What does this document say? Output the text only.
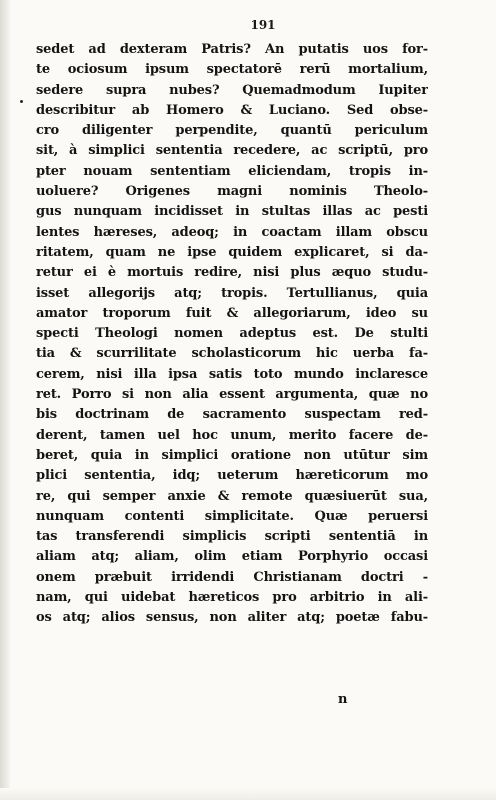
191
sedet ad dexteram Patris? An putatis uos for-
te ociosum ipsum spectatorē rerū mortalium,
sedere supra nubes? Quemadmodum Iupiter
describitur ab Homero & Luciano. Sed obse-
cro diligenter perpendite, quantū periculum
sit, à simplici sententia recedere, ac scriptū, pro
pter nouam sententiam eliciendam, tropis in-
uoluere? Origenes magni nominis Theolo-
gus nunquam incidisset in stultas illas ac pesti
lentes hæreses, adeoq; in coactam illam obscu
ritatem, quam ne ipse quidem explicaret, si da-
retur ei è mortuis redire, nisi plus æquo studu-
isset allegorijs atq; tropis. Tertullianus, quia
amator troporum fuit & allegoriarum, ideo su
specti Theologi nomen adeptus est. De stulti
tia & scurrilitate scholasticorum hic uerba fa-
cerem, nisi illa ipsa satis toto mundo inclaresce
ret. Porro si non alia essent argumenta, quæ no
bis doctrinam de sacramento suspectam red-
derent, tamen uel hoc unum, merito facere de-
beret, quia in simplici oratione non utūtur sim
plici sententia, idq; ueterum hæreticorum mo
re, qui semper anxie & remote quæsiuerūt sua,
nunquam contenti simplicitate. Quæ peruersi
tas transferendi simplicis scripti sententiā in
aliam atq; aliam, olim etiam Porphyrio occasi
onem præbuit irridendi Christianam doctri -
nam, qui uidebat hæreticos pro arbitrio in ali-
os atq; alios sensus, non aliter atq; poetæ fabu-
n
